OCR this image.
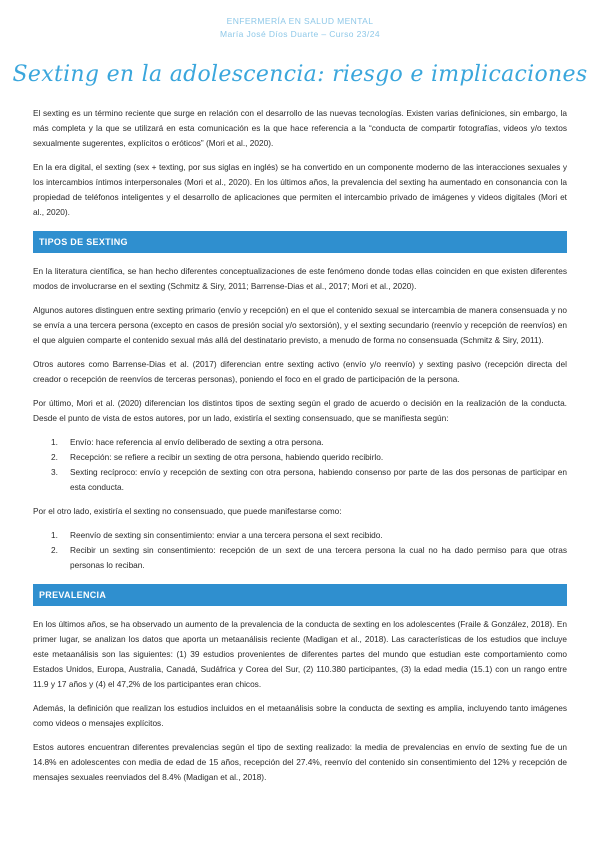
ENFERMERÍA EN SALUD MENTAL
María José Díos Duarte – Curso 23/24
Sexting en la adolescencia: riesgo e implicaciones

El sexting es un término reciente que surge en relación con el desarrollo de las nuevas tecnologías. Existen varias definiciones, sin embargo, la más completa y la que se utilizará en esta comunicación es la que hace referencia a la “conducta de compartir fotografías, videos y/o textos sexualmente sugerentes, explícitos o eróticos” (Mori et al., 2020).

En la era digital, el sexting (sex + texting, por sus siglas en inglés) se ha convertido en un componente moderno de las interacciones sexuales y los intercambios íntimos interpersonales (Mori et al., 2020). En los últimos años, la prevalencia del sexting ha aumentado en consonancia con la propiedad de teléfonos inteligentes y el desarrollo de aplicaciones que permiten el intercambio privado de imágenes y videos digitales (Mori et al., 2020).

TIPOS DE SEXTING

En la literatura científica, se han hecho diferentes conceptualizaciones de este fenómeno donde todas ellas coinciden en que existen diferentes modos de involucrarse en el sexting (Schmitz & Siry, 2011; Barrense-Dias et al., 2017; Mori et al., 2020).

Algunos autores distinguen entre sexting primario (envío y recepción) en el que el contenido sexual se intercambia de manera consensuada y no se envía a una tercera persona (excepto en casos de presión social y/o sextorsión), y el sexting secundario (reenvío y recepción de reenvíos) en el que alguien comparte el contenido sexual más allá del destinatario previsto, a menudo de forma no consensuada (Schmitz & Siry, 2011).

Otros autores como Barrense-Dias et al. (2017) diferencian entre sexting activo (envío y/o reenvío) y sexting pasivo (recepción directa del creador o recepción de reenvíos de terceras personas), poniendo el foco en el grado de participación de la persona.

Por último, Mori et al. (2020) diferencian los distintos tipos de sexting según el grado de acuerdo o decisión en la realización de la conducta. Desde el punto de vista de estos autores, por un lado, existiría el sexting consensuado, que se manifiesta según:

1. Envío: hace referencia al envío deliberado de sexting a otra persona.
2. Recepción: se refiere a recibir un sexting de otra persona, habiendo querido recibirlo.
3. Sexting recíproco: envío y recepción de sexting con otra persona, habiendo consenso por parte de las dos personas de participar en esta conducta.

Por el otro lado, existiría el sexting no consensuado, que puede manifestarse como:

1. Reenvío de sexting sin consentimiento: enviar a una tercera persona el sext recibido.
2. Recibir un sexting sin consentimiento: recepción de un sext de una tercera persona la cual no ha dado permiso para que otras personas lo reciban.
PREVALENCIA

En los últimos años, se ha observado un aumento de la prevalencia de la conducta de sexting en los adolescentes (Fraile & González, 2018). En primer lugar, se analizan los datos que aporta un metaanálisis reciente (Madigan et al., 2018). Las características de los estudios que incluye este metaanálisis son las siguientes: (1) 39 estudios provenientes de diferentes partes del mundo que estudian este comportamiento como Estados Unidos, Europa, Australia, Canadá, Sudáfrica y Corea del Sur, (2) 110.380 participantes, (3) la edad media (15.1) con un rango entre 11.9 y 17 años y (4) el 47,2% de los participantes eran chicos.

Además, la definición que realizan los estudios incluidos en el metaanálisis sobre la conducta de sexting es amplia, incluyendo tanto imágenes como videos o mensajes explícitos.

Estos autores encuentran diferentes prevalencias según el tipo de sexting realizado: la media de prevalencias en envío de sexting fue de un 14.8% en adolescentes con media de edad de 15 años, recepción del 27.4%, reenvío del contenido sin consentimiento del 12% y recepción de mensajes sexuales reenviados del 8.4% (Madigan et al., 2018).
